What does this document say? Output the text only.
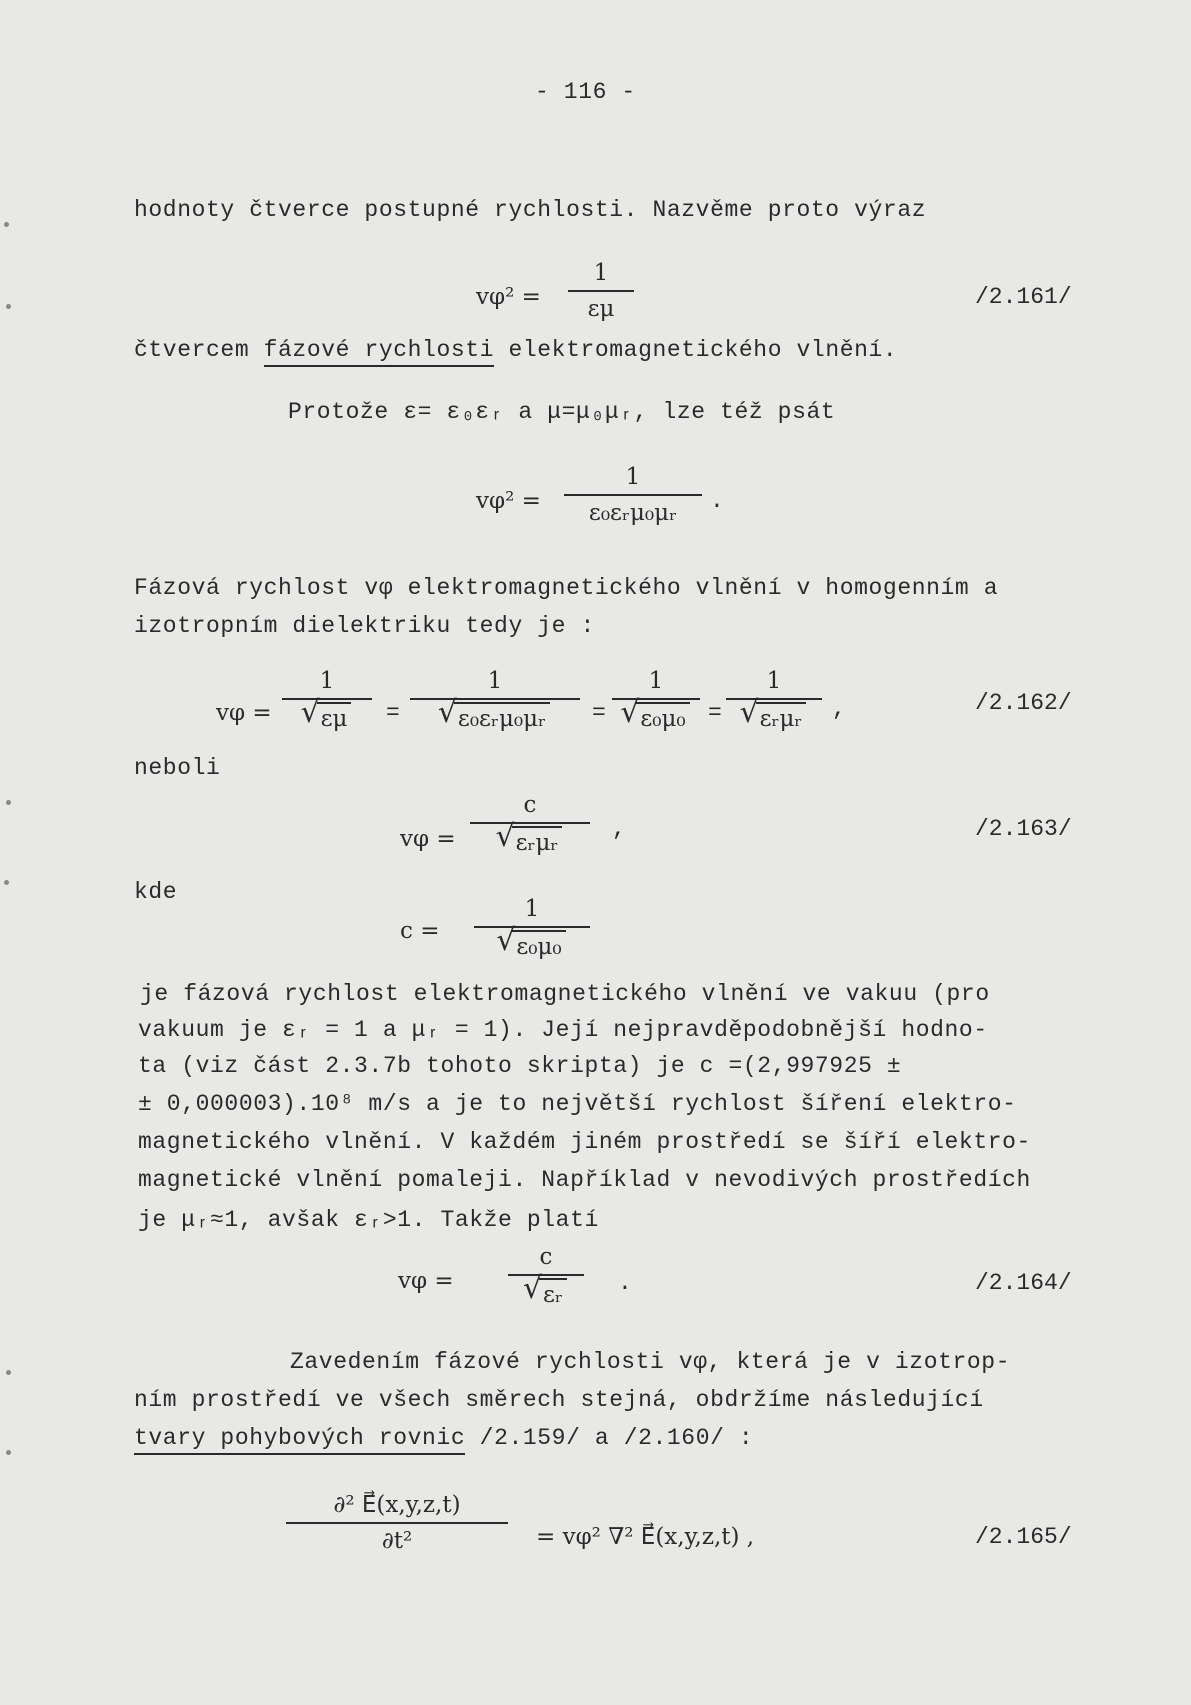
- 116 -
hodnoty čtverce postupné rychlosti. Nazvěme proto výraz
vφ² =
1
εμ	/2.161/
čtvercem fázové rychlosti elektromagnetického vlnění.
Protože ε= ε₀εᵣ a μ=μ₀μᵣ, lze též psát
vφ² =
1
ε₀εᵣμ₀μᵣ	.
Fázová rychlost vφ elektromagnetického vlnění v homogenním a
izotropním dielektriku tedy je :
vφ =
1
√ εμ	=
1
√ ε₀εᵣμ₀μᵣ	=
1
√ ε₀μ₀ =
1
√ εᵣμᵣ	,	/2.162/
neboli
vφ =
c
√ εᵣμᵣ
,	/2.163/
kde
c =
1
√ ε₀μ₀
je fázová rychlost elektromagnetického vlnění ve vakuu (pro
vakuum je εᵣ = 1 a μᵣ = 1). Její nejpravděpodobnější hodno-
ta (viz část 2.3.7b tohoto skripta) je c =(2,997925 ±
± 0,000003).10⁸ m/s a je to největší rychlost šíření elektro-
magnetického vlnění. V každém jiném prostředí se šíří elektro-
magnetické vlnění pomaleji. Například v nevodivých prostředích
je μᵣ≈1, avšak εᵣ>1. Takže platí
vφ =
c
√ εᵣ	.	/2.164/
Zavedením fázové rychlosti vφ, která je v izotrop-
ním prostředí ve všech směrech stejná, obdržíme následující
tvary pohybových rovnic /2.159/ a /2.160/ :
∂² E⃗(x,y,z,t)
∂t²	= vφ² ∇² E⃗(x,y,z,t) ,	/2.165/
